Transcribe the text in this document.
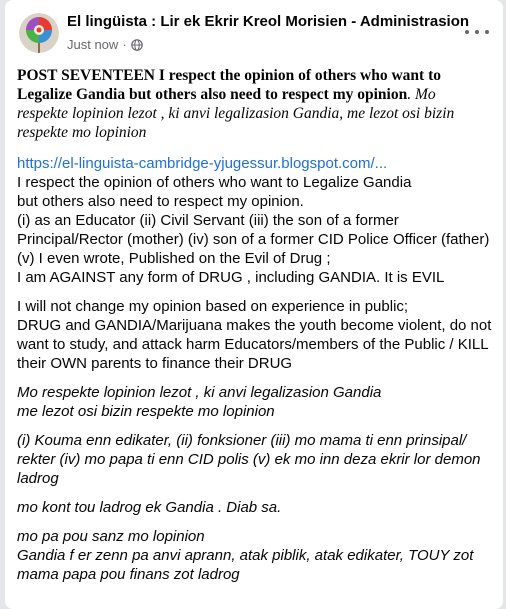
El lingüista : Lir ek Ekrir Kreol Morisien - Administrasion
Just now ·
POST SEVENTEEN I respect the opinion of others who want to
Legalize Gandia but others also need to respect my opinion. Mo
respekte lopinion lezot , ki anvi legalizasion Gandia, me lezot osi bizin
respekte mo lopinion
https://el-linguista-cambridge-yjugessur.blogspot.com/...
I respect the opinion of others who want to Legalize Gandia
but others also need to respect my opinion.
(i) as an Educator (ii) Civil Servant (iii) the son of a former
Principal/Rector (mother) (iv) son of a former CID Police Officer (father)
(v) I even wrote, Published on the Evil of Drug ;
I am AGAINST any form of DRUG , including GANDIA. It is EVIL
I will not change my opinion based on experience in public;
DRUG and GANDIA/Marijuana makes the youth become violent, do not
want to study, and attack harm Educators/members of the Public / KILL
their OWN parents to finance their DRUG
Mo respekte lopinion lezot , ki anvi legalizasion Gandia
me lezot osi bizin respekte mo lopinion
(i) Kouma enn edikater, (ii) fonksioner (iii) mo mama ti enn prinsipal/
rekter (iv) mo papa ti enn CID polis (v) ek mo inn deza ekrir lor demon
ladrog
mo kont tou ladrog ek Gandia . Diab sa.
mo pa pou sanz mo lopinion
Gandia f er zenn pa anvi aprann, atak piblik, atak edikater, TOUY zot
mama papa pou finans zot ladrog
